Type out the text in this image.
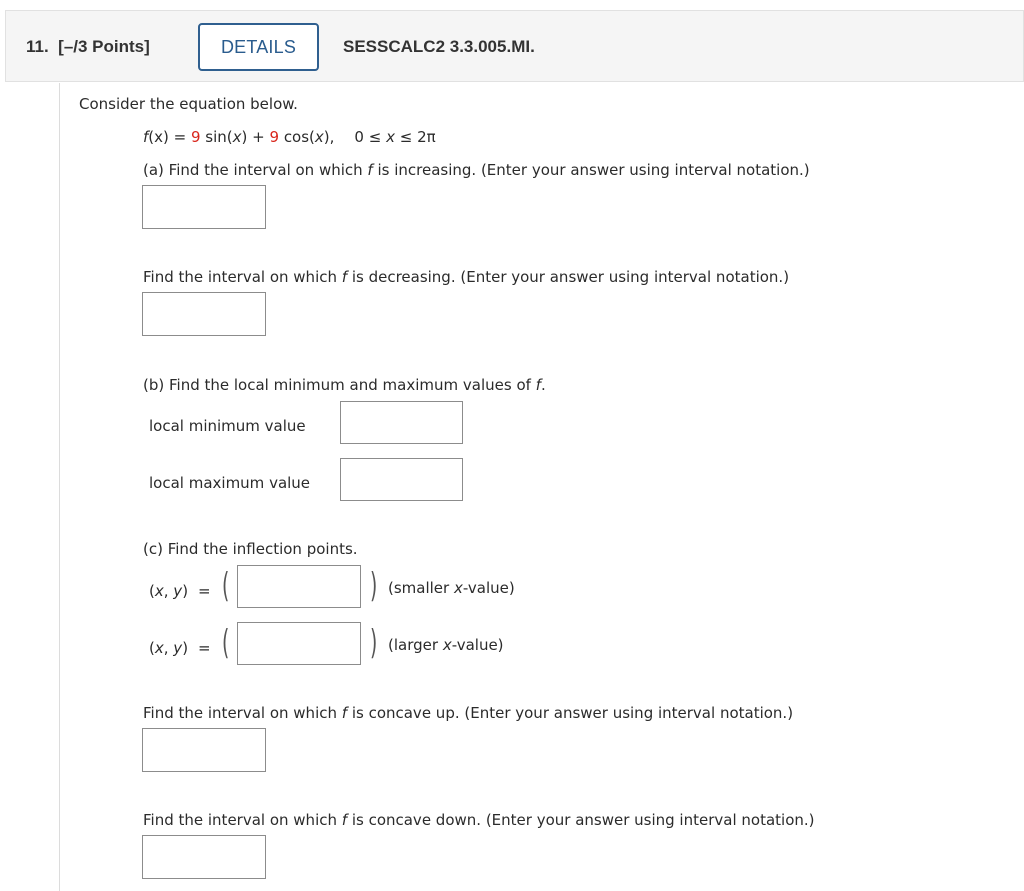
11. [–/3 Points]	DETAILS	SESSCALC2 3.3.005.MI.
Consider the equation below.
f(x) = 9 sin(x) + 9 cos(x), 0 ≤ x ≤ 2π
(a) Find the interval on which f is increasing. (Enter your answer using interval notation.)
Find the interval on which f is decreasing. (Enter your answer using interval notation.)
(b) Find the local minimum and maximum values of f.
local minimum value
local maximum value
(c) Find the inflection points.
(x, y) = (	) (smaller x-value)
(x, y) = (	) (larger x-value)
Find the interval on which f is concave up. (Enter your answer using interval notation.)
Find the interval on which f is concave down. (Enter your answer using interval notation.)
